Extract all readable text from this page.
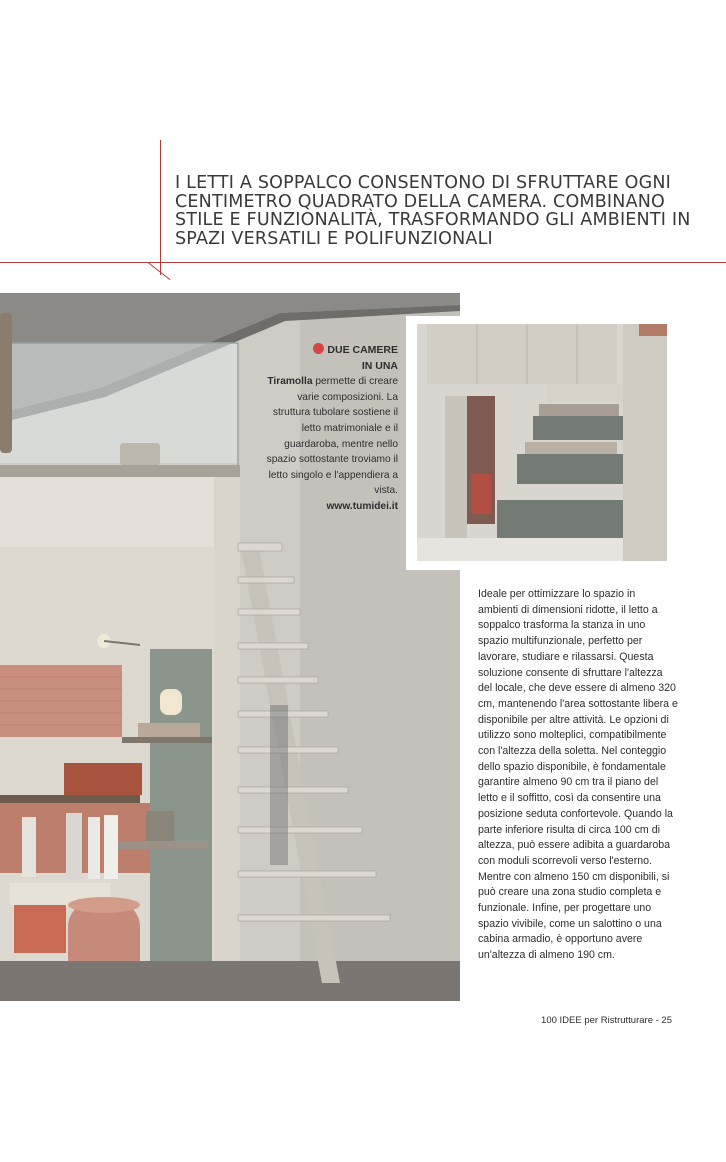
I LETTI A SOPPALCO CONSENTONO DI SFRUTTARE OGNI CENTIMETRO QUADRATO DELLA CAMERA. COMBINANO STILE E FUNZIONALITÀ, TRASFORMANDO GLI AMBIENTI IN SPAZI VERSATILI E POLIFUNZIONALI
DUE CAMERE
IN UNA
Tiramolla permette di creare varie composizioni. La struttura tubolare sostiene il letto matrimoniale e il guardaroba, mentre nello spazio sottostante troviamo il letto singolo e l'appendiera a vista.
www.tumidei.it

Ideale per ottimizzare lo spazio in ambienti di dimensioni ridotte, il letto a soppalco trasforma la stanza in uno spazio multifunzionale, perfetto per lavorare, studiare e rilassarsi. Questa soluzione consente di sfruttare l'altezza del locale, che deve essere di almeno 320 cm, mantenendo l'area sottostante libera e disponibile per altre attività. Le opzioni di utilizzo sono molteplici, compatibilmente con l'altezza della soletta. Nel conteggio dello spazio disponibile, è fondamentale garantire almeno 90 cm tra il piano del letto e il soffitto, così da consentire una posizione seduta confortevole. Quando la parte inferiore risulta di circa 100 cm di altezza, può essere adibita a guardaroba con moduli scorrevoli verso l'esterno. Mentre con almeno 150 cm disponibili, si può creare una zona studio completa e funzionale. Infine, per progettare uno spazio vivibile, come un salottino o una cabina armadio, è opportuno avere un'altezza di almeno 190 cm.

100 IDEE per Ristrutturare - 25
